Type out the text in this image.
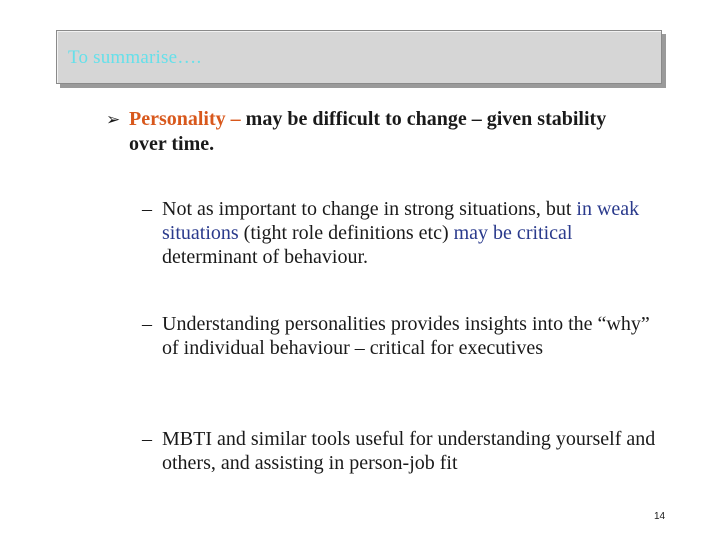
To summarise….
➢ Personality – may be difficult to change – given stability over time.
– Not as important to change in strong situations, but in weak situations (tight role definitions etc) may be critical determinant of behaviour.
– Understanding personalities provides insights into the “why” of individual behaviour – critical for executives
– MBTI and similar tools useful for understanding yourself and others, and assisting in person-job fit
14
